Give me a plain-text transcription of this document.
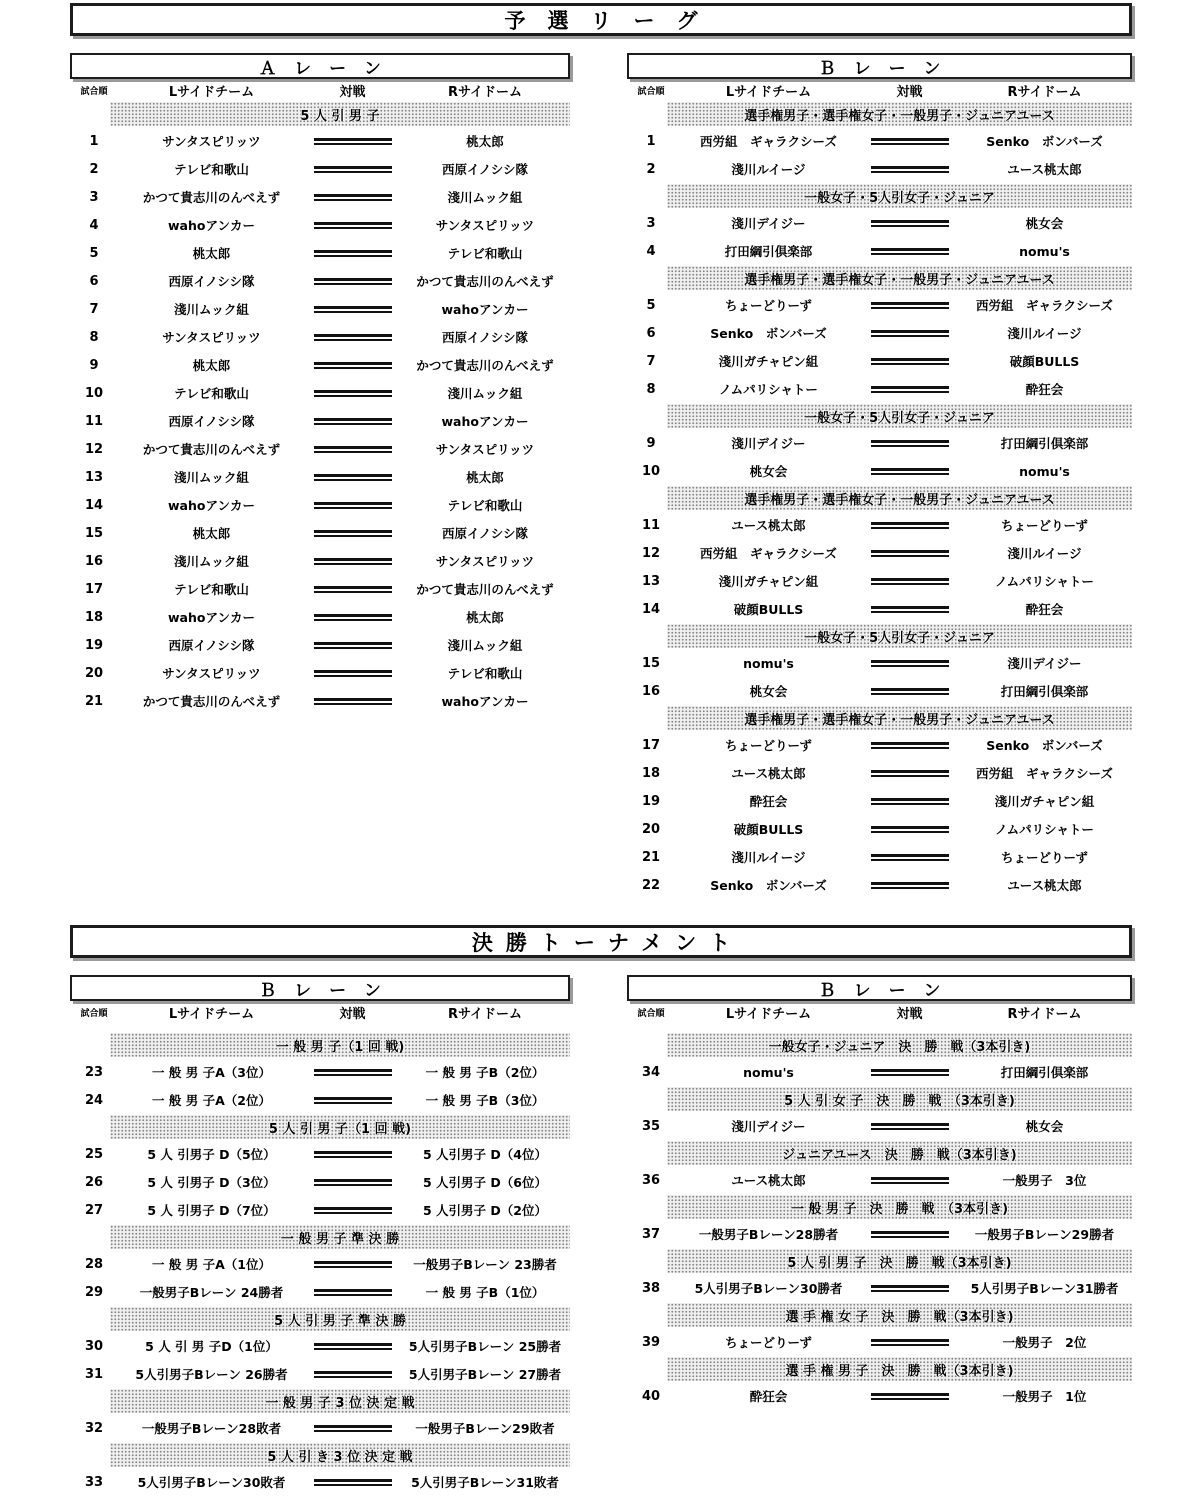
予選リーグ
Ａレーン
試合順	Lサイドチーム	対戦	Rサイドーム
5 人 引 男 子
1	サンタスピリッツ	桃太郎
2	テレビ和歌山	西原イノシシ隊
3	かつて貴志川のんべえず	淺川ムック組
4	wahoアンカー	サンタスピリッツ
5	桃太郎	テレビ和歌山
6	西原イノシシ隊	かつて貴志川のんべえず
7	淺川ムック組	wahoアンカー
8	サンタスピリッツ	西原イノシシ隊
9	桃太郎	かつて貴志川のんべえず
10	テレビ和歌山	淺川ムック組
11	西原イノシシ隊	wahoアンカー
12	かつて貴志川のんべえず	サンタスピリッツ
13	淺川ムック組	桃太郎
14	wahoアンカー	テレビ和歌山
15	桃太郎	西原イノシシ隊
16	淺川ムック組	サンタスピリッツ
17	テレビ和歌山	かつて貴志川のんべえず
18	wahoアンカー	桃太郎
19	西原イノシシ隊	淺川ムック組
20	サンタスピリッツ	テレビ和歌山
21	かつて貴志川のんべえず	wahoアンカー
Ｂレーン
試合順	Lサイドチーム	対戦	Rサイドーム
選手権男子・選手権女子・一般男子・ジュニアユース
1	西労組　ギャラクシーズ	Senko　ボンバーズ
2	淺川ルイージ	ユース桃太郎
一般女子・5人引女子・ジュニア
3	淺川デイジー	桃女会
4	打田綱引倶楽部	nomu's
選手権男子・選手権女子・一般男子・ジュニアユース
5	ちょーどりーず	西労組　ギャラクシーズ
6	Senko　ボンバーズ	淺川ルイージ
7	淺川ガチャピン組	破顔BULLS
8	ノムパリシャトー	酔狂会
一般女子・5人引女子・ジュニア
9	淺川デイジー	打田綱引倶楽部
10	桃女会	nomu's
選手権男子・選手権女子・一般男子・ジュニアユース
11	ユース桃太郎	ちょーどりーず
12	西労組　ギャラクシーズ	淺川ルイージ
13	淺川ガチャピン組	ノムパリシャトー
14	破顔BULLS	酔狂会
一般女子・5人引女子・ジュニア
15	nomu's	淺川デイジー
16	桃女会	打田綱引倶楽部
選手権男子・選手権女子・一般男子・ジュニアユース
17	ちょーどりーず	Senko　ボンバーズ
18	ユース桃太郎	西労組　ギャラクシーズ
19	酔狂会	淺川ガチャピン組
20	破顔BULLS	ノムパリシャトー
21	淺川ルイージ	ちょーどりーず
22	Senko　ボンバーズ	ユース桃太郎
決勝トーナメント
Ｂレーン
試合順	Lサイドチーム	対戦	Rサイドーム
一 般 男 子（1 回 戦)
23	一 般 男 子A（3位）	一 般 男 子B（2位）
24	一 般 男 子A（2位）	一 般 男 子B（3位）
5 人 引 男 子（1 回 戦)
25	5 人 引男子 D（5位）	5 人引男子 D（4位）
26	5 人 引男子 D（3位）	5 人引男子 D（6位）
27	5 人 引男子 D（7位）	5 人引男子 D（2位）
一 般 男 子 準 決 勝
28	一 般 男 子A（1位）	一般男子Bレーン 23勝者
29	一般男子Bレーン 24勝者	一 般 男 子B（1位）
5 人 引 男 子 準 決 勝
30	5 人 引 男 子D（1位）	5人引男子Bレーン 25勝者
31	5人引男子Bレーン 26勝者	5人引男子Bレーン 27勝者
一 般 男 子 3 位 決 定 戦
32	一般男子Bレーン28敗者	一般男子Bレーン29敗者
5 人 引 き 3 位 決 定 戦
33	5人引男子Bレーン30敗者	5人引男子Bレーン31敗者
Ｂレーン
試合順	Lサイドチーム	対戦	Rサイドーム
一般女子・ジュニア　決　勝　戦（3本引き)
34	nomu's	打田綱引倶楽部
5 人 引 女 子　決　勝　戦　（3本引き)
35	淺川デイジー	桃女会
ジュニアユース　決　勝　戦（3本引き)
36	ユース桃太郎	一般男子　3位
一 般 男 子　決　勝　戦　（3本引き)
37	一般男子Bレーン28勝者	一般男子Bレーン29勝者
5 人 引 男 子　決　勝　戦（3本引き)
38	5人引男子Bレーン30勝者	5人引男子Bレーン31勝者
選 手 権 女 子　決　勝　戦（3本引き)
39	ちょーどりーず	一般男子　2位
選 手 権 男 子　決　勝　戦（3本引き)
40	酔狂会	一般男子　1位
